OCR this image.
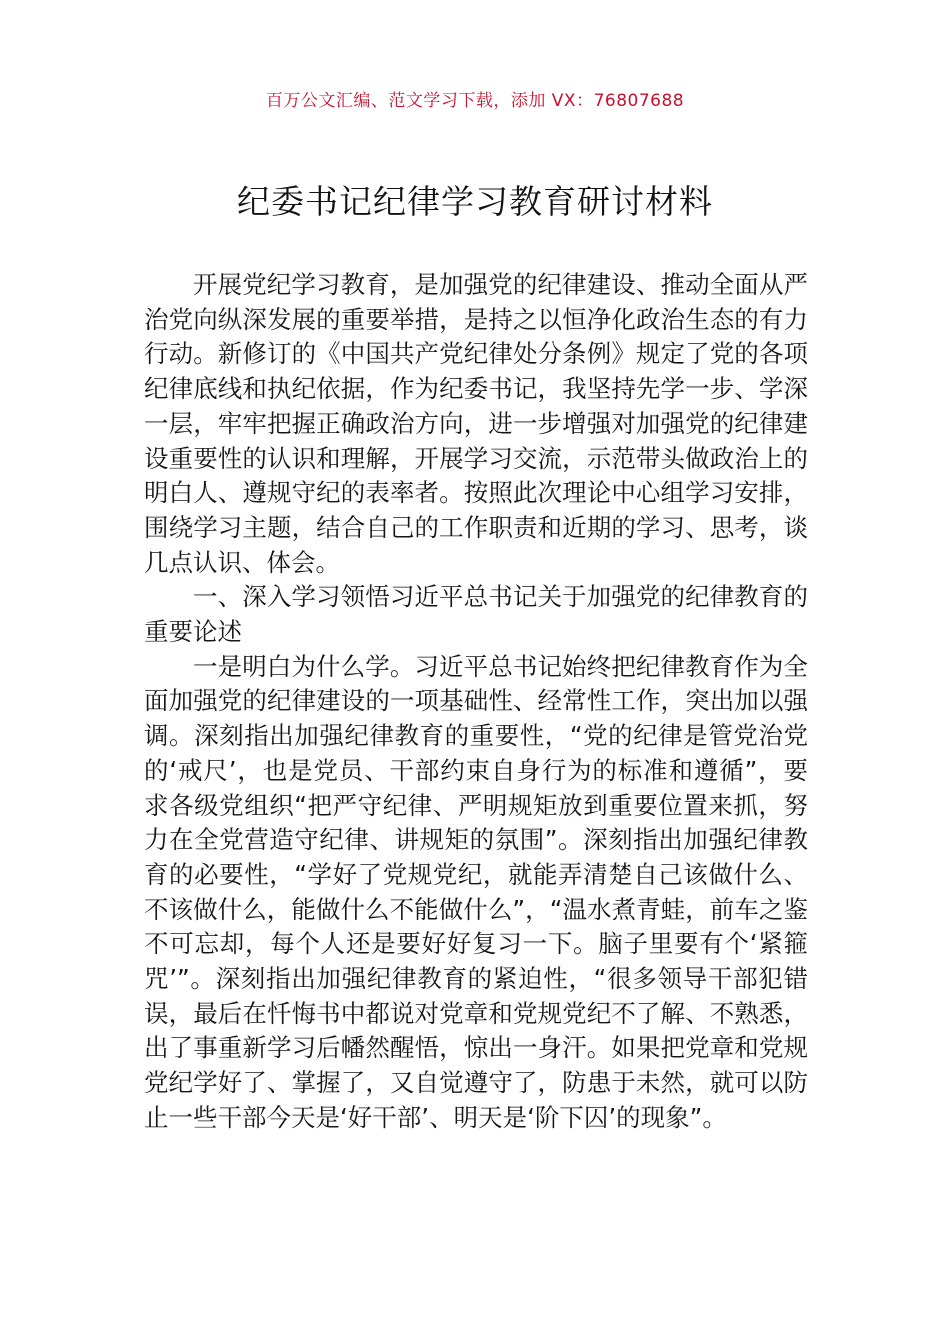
百万公文汇编、范文学习下载，添加 VX：76807688
纪委书记纪律学习教育研讨材料

开展党纪学习教育，是加强党的纪律建设、推动全面从严治党向纵深发展的重要举措，是持之以恒净化政治生态的有力行动。新修订的《中国共产党纪律处分条例》规定了党的各项纪律底线和执纪依据，作为纪委书记，我坚持先学一步、学深一层，牢牢把握正确政治方向，进一步增强对加强党的纪律建设重要性的认识和理解，开展学习交流，示范带头做政治上的明白人、遵规守纪的表率者。按照此次理论中心组学习安排，围绕学习主题，结合自己的工作职责和近期的学习、思考，谈几点认识、体会。

一、深入学习领悟习近平总书记关于加强党的纪律教育的重要论述

一是明白为什么学。习近平总书记始终把纪律教育作为全面加强党的纪律建设的一项基础性、经常性工作，突出加以强调。深刻指出加强纪律教育的重要性，“党的纪律是管党治党的‘戒尺’，也是党员、干部约束自身行为的标准和遵循”，要求各级党组织“把严守纪律、严明规矩放到重要位置来抓，努力在全党营造守纪律、讲规矩的氛围”。深刻指出加强纪律教育的必要性，“学好了党规党纪，就能弄清楚自己该做什么、不该做什么，能做什么不能做什么”，“温水煮青蛙，前车之鉴不可忘却，每个人还是要好好复习一下。脑子里要有个‘紧箍咒’”。深刻指出加强纪律教育的紧迫性，“很多领导干部犯错误，最后在忏悔书中都说对党章和党规党纪不了解、不熟悉，出了事重新学习后幡然醒悟，惊出一身汗。如果把党章和党规党纪学好了、掌握了，又自觉遵守了，防患于未然，就可以防止一些干部今天是‘好干部’、明天是‘阶下囚’的现象”。
